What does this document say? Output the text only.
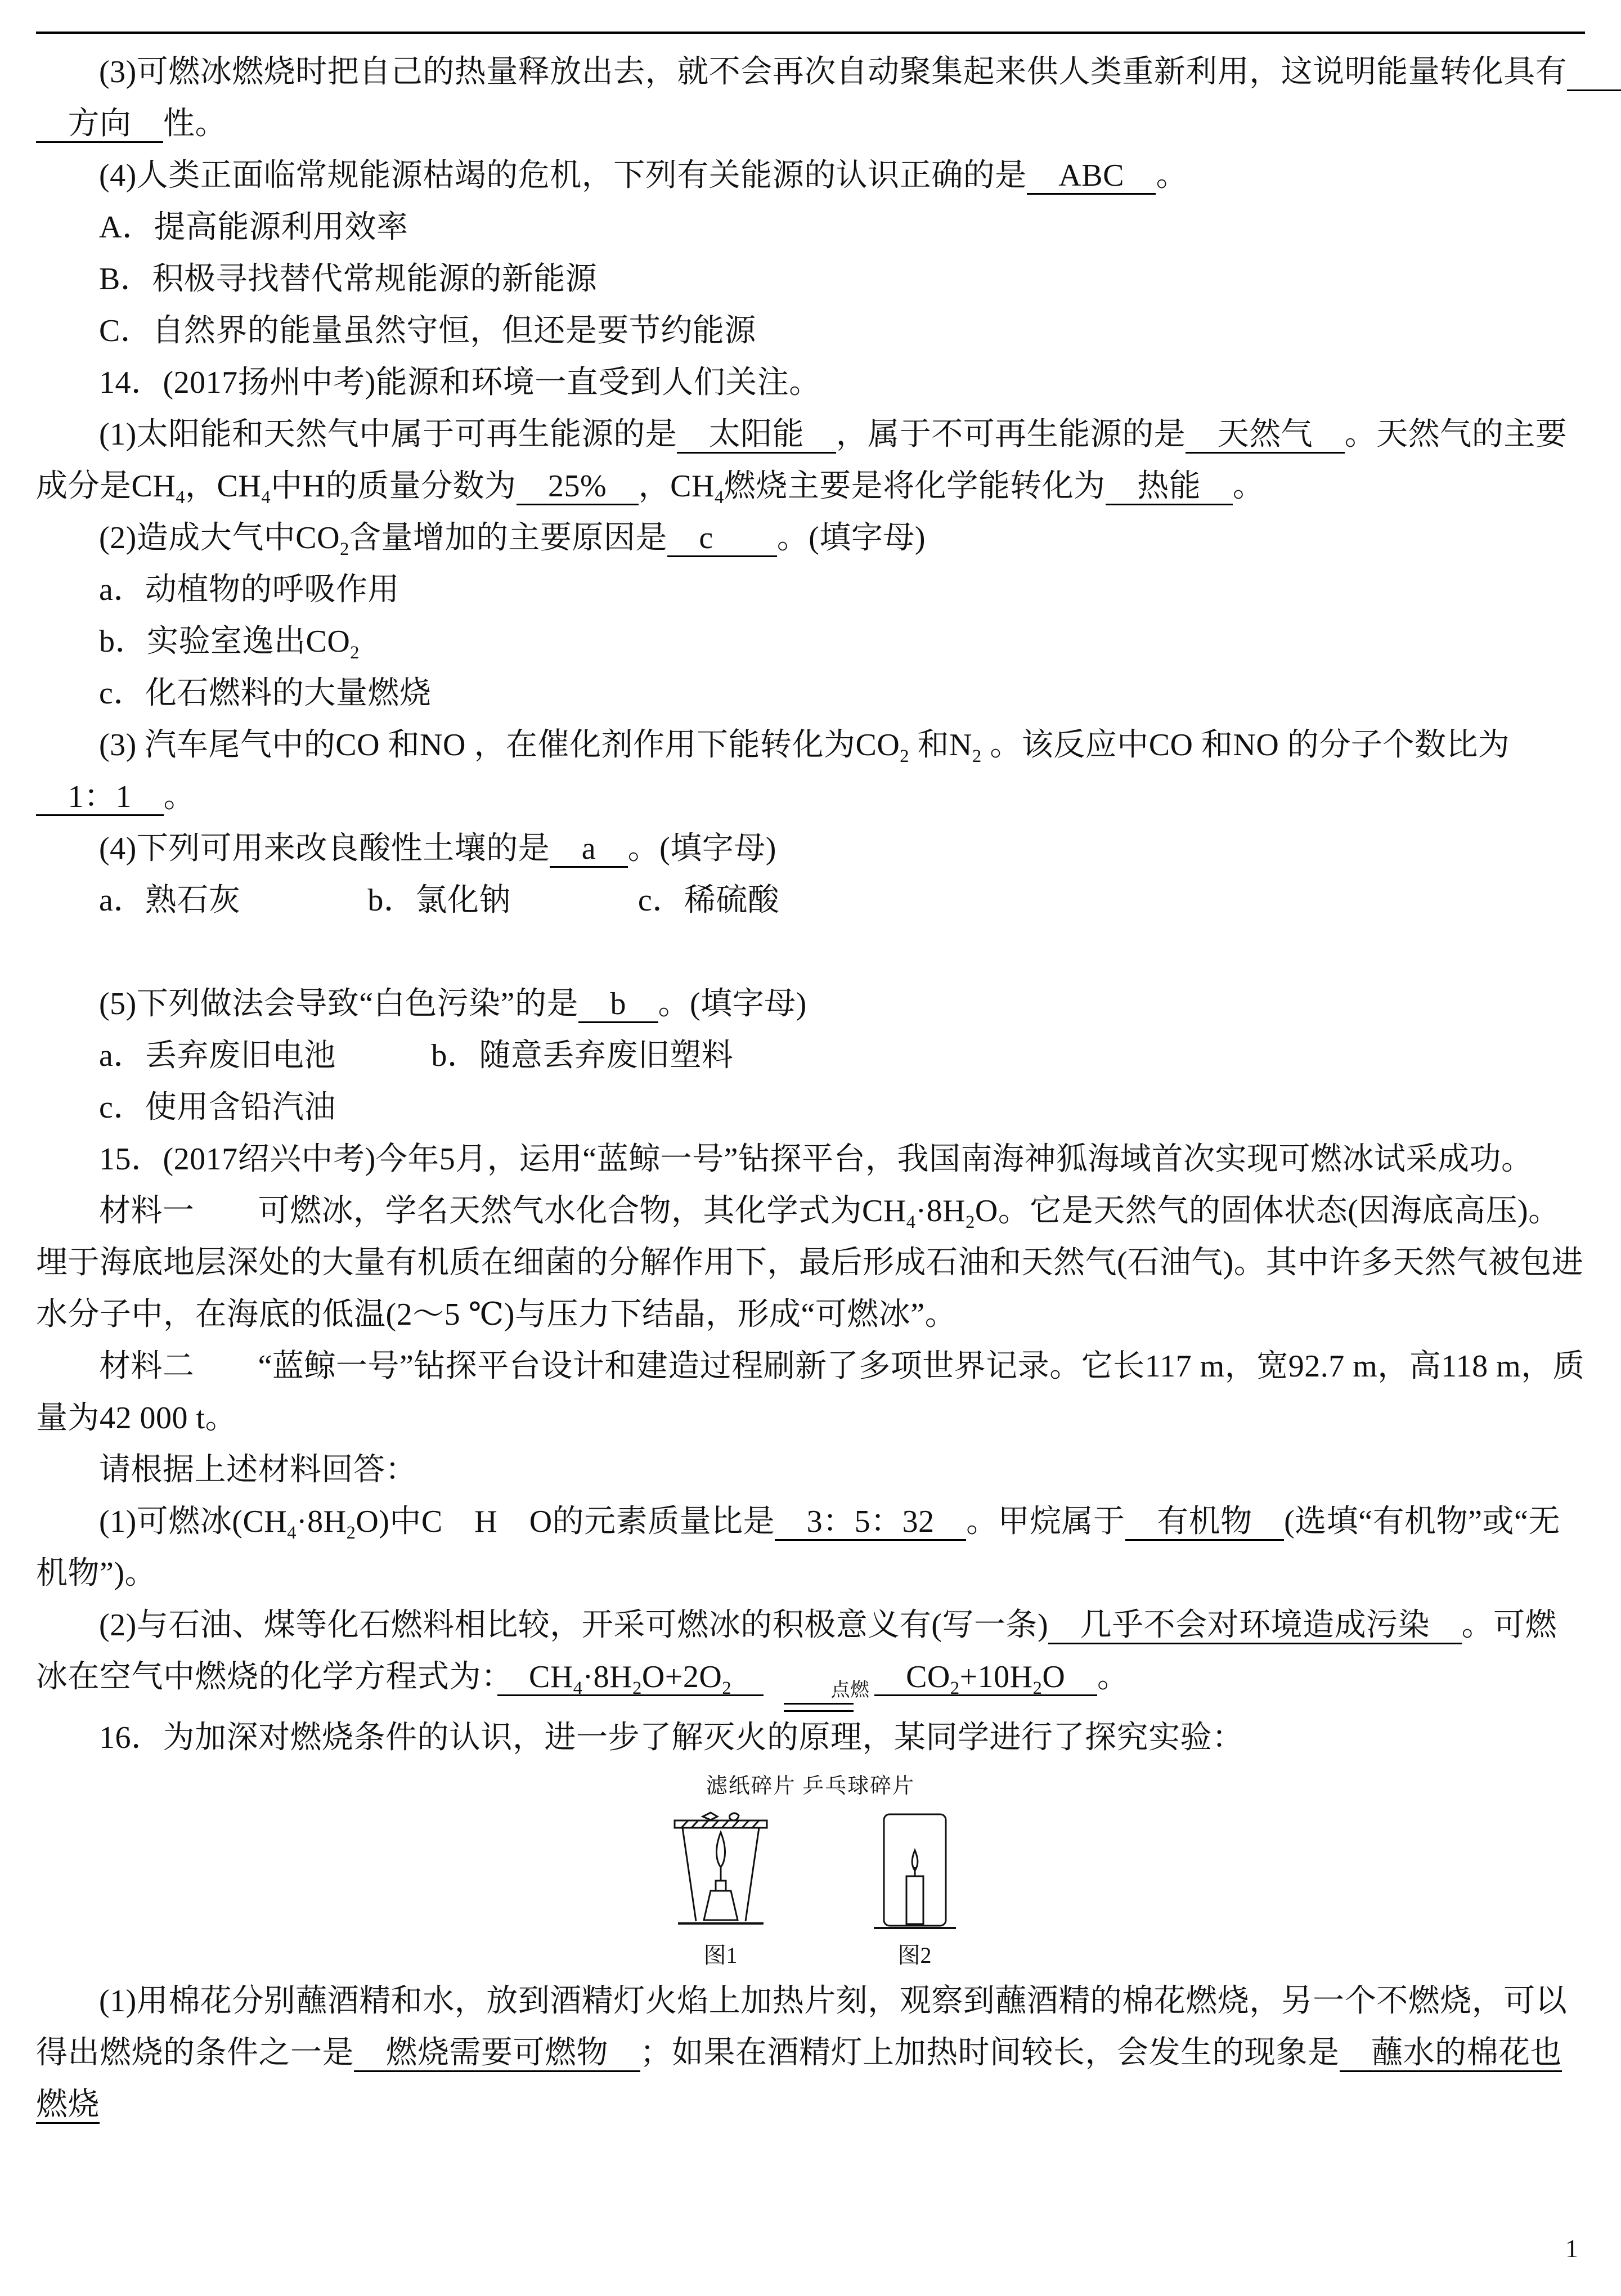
(3)可燃冰燃烧时把自己的热量释放出去，就不会再次自动聚集起来供人类重新利用，这说明能量转化具有　　　

　方向　性。

(4)人类正面临常规能源枯竭的危机，下列有关能源的认识正确的是　ABC　。

A．提高能源利用效率

B．积极寻找替代常规能源的新能源

C．自然界的能量虽然守恒，但还是要节约能源

14．(2017扬州中考)能源和环境一直受到人们关注。

(1)太阳能和天然气中属于可再生能源的是　太阳能　，属于不可再生能源的是　天然气　。天然气的主要成分是$CH_4$，$CH_4$中H的质量分数为　25%　，$CH_4$燃烧主要是将化学能转化为　热能　。

(2)造成大气中$CO_2$含量增加的主要原因是　c　　。(填字母)

a．动植物的呼吸作用

b．实验室逸出$CO_2$

c．化石燃料的大量燃烧

(3) 汽车尾气中的CO 和NO ，在催化剂作用下能转化为$CO_2$ 和$N_2$ 。该反应中CO 和NO 的分子个数比为

　1：1　。

(4)下列可用来改良酸性土壤的是　a　。(填字母)

a．熟石灰　　　　b．氯化钠　　　　c．稀硫酸

(5)下列做法会导致“白色污染”的是　b　。(填字母)

a．丢弃废旧电池　　　b．随意丢弃废旧塑料

c．使用含铅汽油

15．(2017绍兴中考)今年5月，运用“蓝鲸一号”钻探平台，我国南海神狐海域首次实现可燃冰试采成功。

材料一　　可燃冰，学名天然气水化合物，其化学式为$CH_4\cdot 8H_2O$。它是天然气的固体状态(因海底高压)。埋于海底地层深处的大量有机质在细菌的分解作用下，最后形成石油和天然气(石油气)。其中许多天然气被包进水分子中，在海底的低温(2～5 ℃)与压力下结晶，形成“可燃冰”。

材料二　　“蓝鲸一号”钻探平台设计和建造过程刷新了多项世界记录。它长117 m，宽92.7 m，高118 m，质量为42 000 t。

请根据上述材料回答：

(1)可燃冰$(CH_4\cdot 8H_2O)$中C　H　O的元素质量比是　3：5：32　。甲烷属于　有机物　(选填“有机物”或“无机物”)。

(2)与石油、煤等化石燃料相比较，开采可燃冰的积极意义有(写一条)　几乎不会对环境造成污染　。可燃冰在空气中燃烧的化学方程式为：　$CH_4\cdot 8H_2O+2O_2$　	点燃 　$CO_2+10H_2O$　。

16．为加深对燃烧条件的认识，进一步了解灭火的原理，某同学进行了探究实验：

滤纸碎片 乒乓球碎片
图1	图2

(1)用棉花分别蘸酒精和水，放到酒精灯火焰上加热片刻，观察到蘸酒精的棉花燃烧，另一个不燃烧，可以得出燃烧的条件之一是　燃烧需要可燃物　；如果在酒精灯上加热时间较长，会发生的现象是　蘸水的棉花也燃烧

1
